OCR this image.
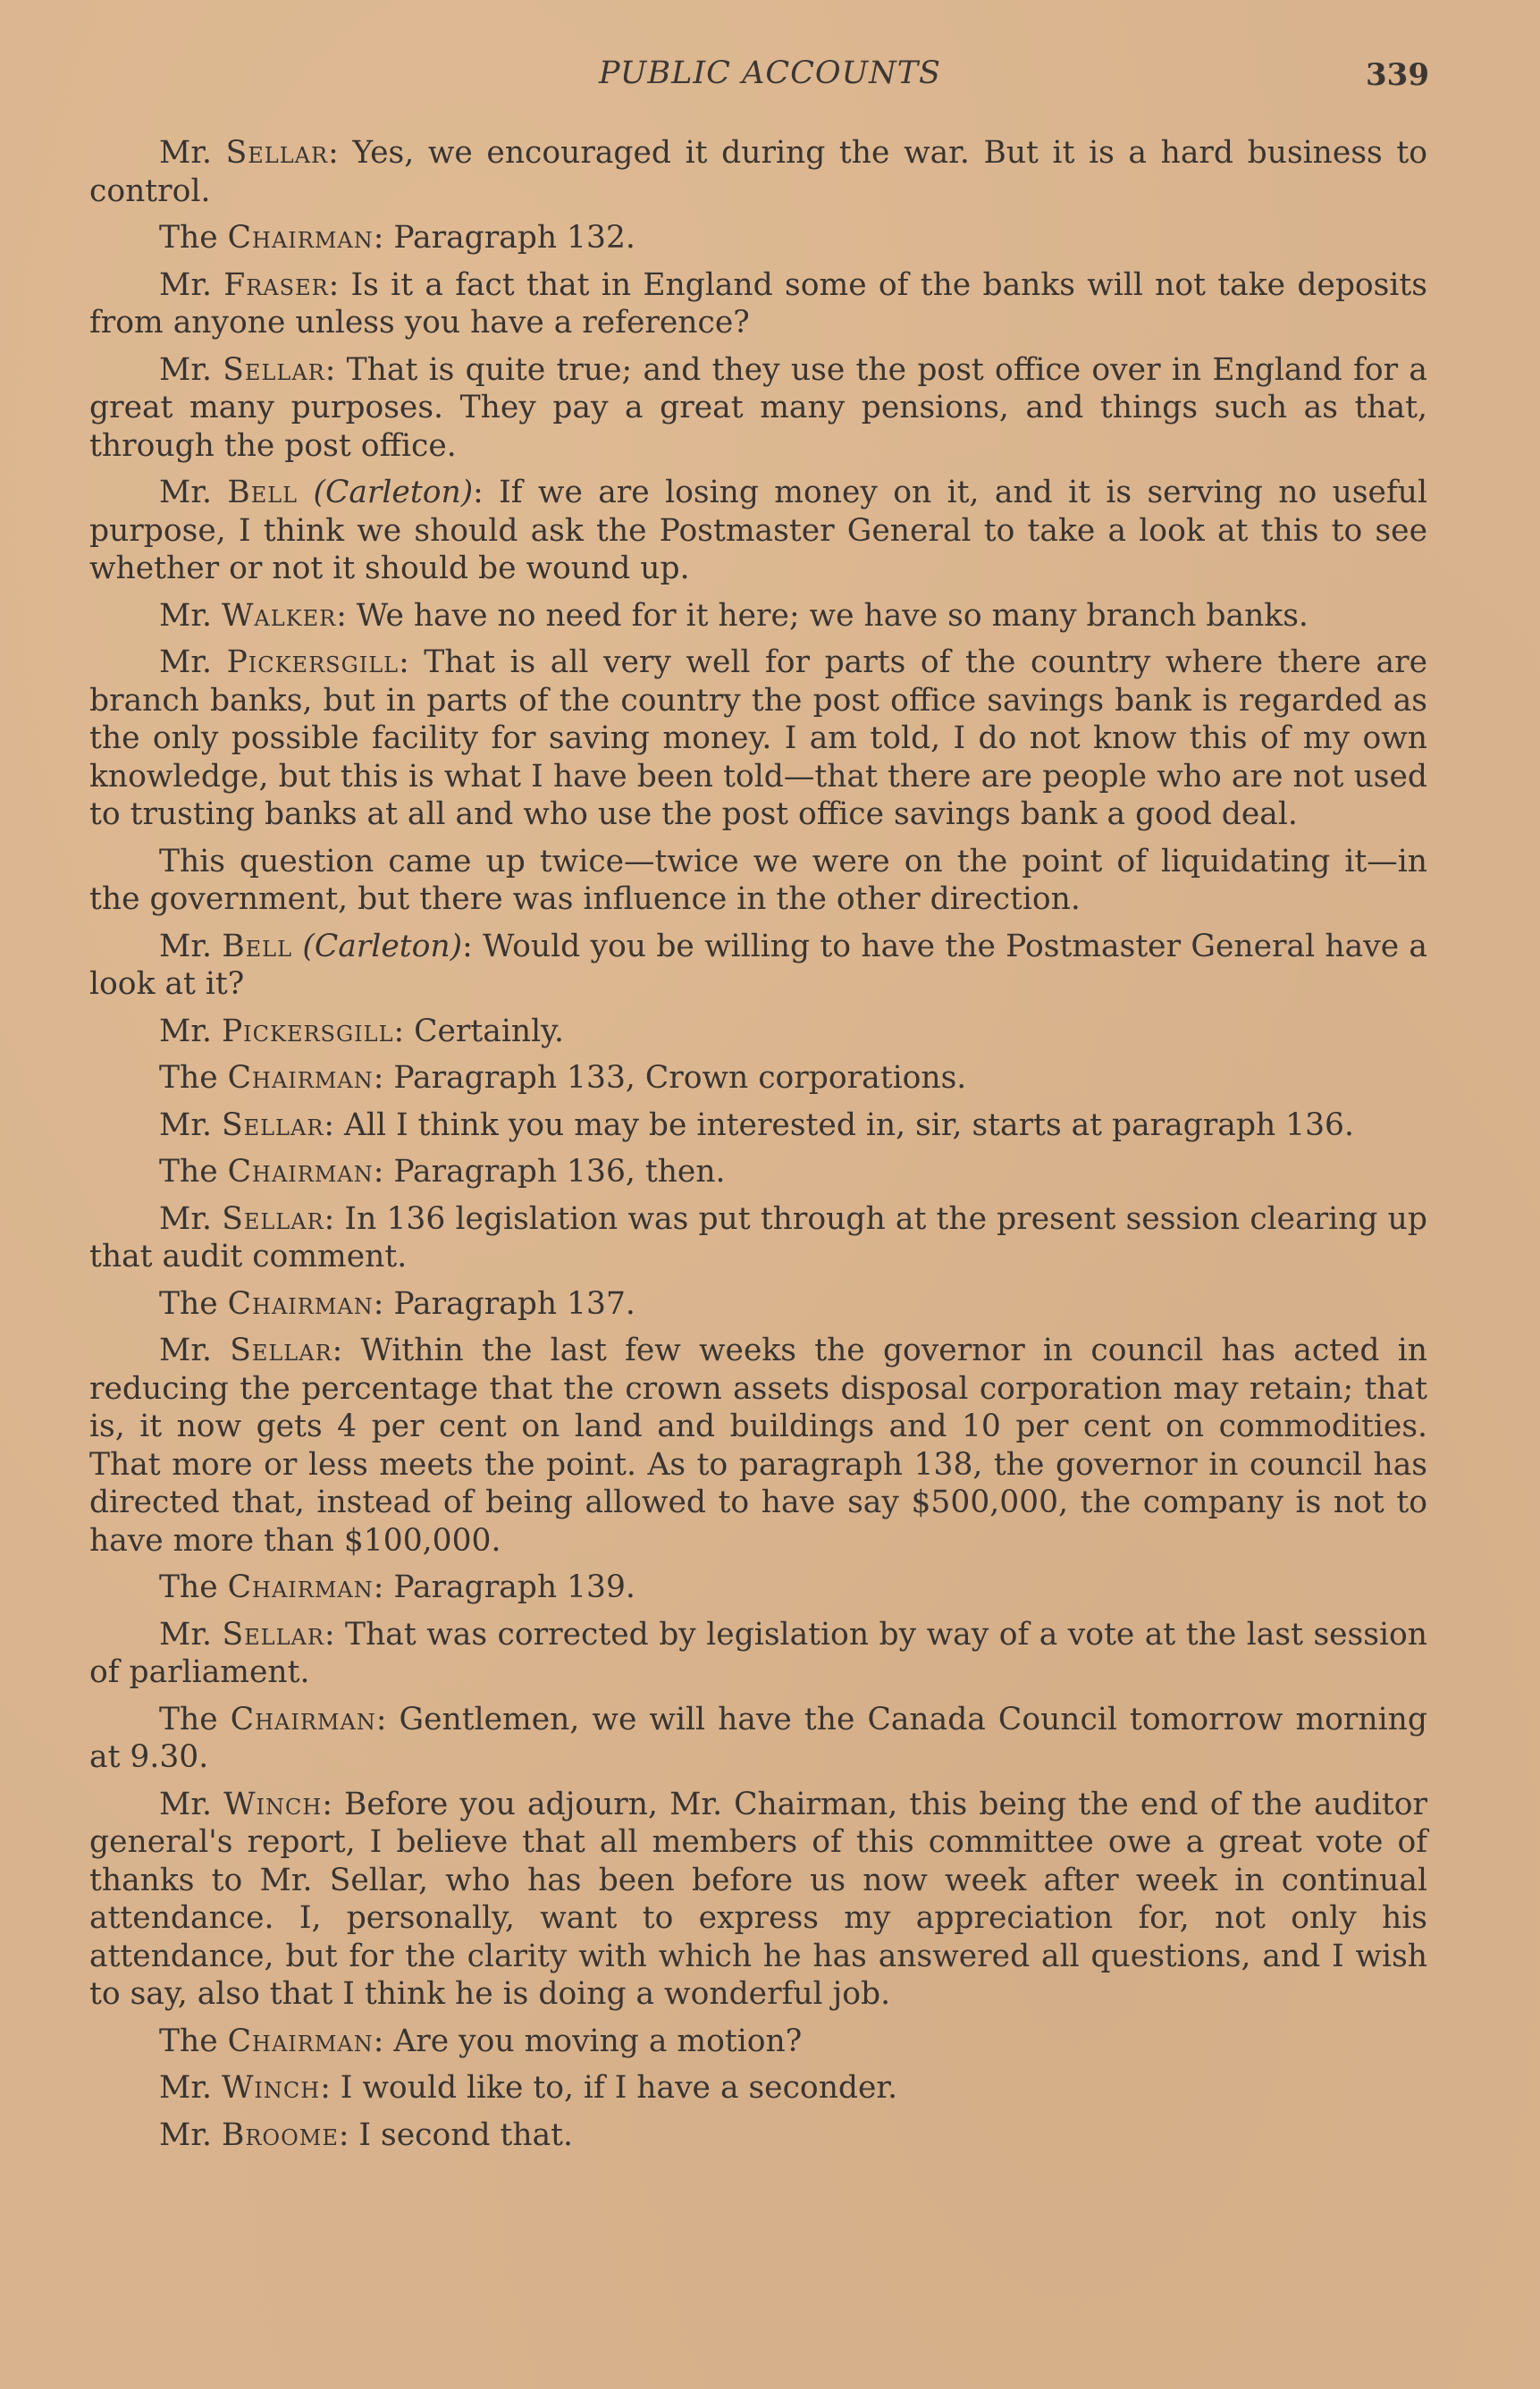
PUBLIC ACCOUNTS	339

Mr. Sellar: Yes, we encouraged it during the war. But it is a hard business to control.

The Chairman: Paragraph 132.

Mr. Fraser: Is it a fact that in England some of the banks will not take deposits from anyone unless you have a reference?

Mr. Sellar: That is quite true; and they use the post office over in England for a great many purposes. They pay a great many pensions, and things such as that, through the post office.

Mr. Bell (Carleton): If we are losing money on it, and it is serving no useful purpose, I think we should ask the Postmaster General to take a look at this to see whether or not it should be wound up.

Mr. Walker: We have no need for it here; we have so many branch banks.

Mr. Pickersgill: That is all very well for parts of the country where there are branch banks, but in parts of the country the post office savings bank is regarded as the only possible facility for saving money. I am told, I do not know this of my own knowledge, but this is what I have been told—that there are people who are not used to trusting banks at all and who use the post office savings bank a good deal.

This question came up twice—twice we were on the point of liquidating it—in the government, but there was influence in the other direction.

Mr. Bell (Carleton): Would you be willing to have the Postmaster General have a look at it?

Mr. Pickersgill: Certainly.

The Chairman: Paragraph 133, Crown corporations.

Mr. Sellar: All I think you may be interested in, sir, starts at paragraph 136.

The Chairman: Paragraph 136, then.

Mr. Sellar: In 136 legislation was put through at the present session clearing up that audit comment.

The Chairman: Paragraph 137.

Mr. Sellar: Within the last few weeks the governor in council has acted in reducing the percentage that the crown assets disposal corporation may retain; that is, it now gets 4 per cent on land and buildings and 10 per cent on commodities. That more or less meets the point. As to paragraph 138, the governor in council has directed that, instead of being allowed to have say $500,000, the company is not to have more than $100,000.

The Chairman: Paragraph 139.

Mr. Sellar: That was corrected by legislation by way of a vote at the last session of parliament.

The Chairman: Gentlemen, we will have the Canada Council tomorrow morning at 9.30.

Mr. Winch: Before you adjourn, Mr. Chairman, this being the end of the auditor general's report, I believe that all members of this committee owe a great vote of thanks to Mr. Sellar, who has been before us now week after week in continual attendance. I, personally, want to express my appreciation for, not only his attendance, but for the clarity with which he has answered all questions, and I wish to say, also that I think he is doing a wonderful job.

The Chairman: Are you moving a motion?

Mr. Winch: I would like to, if I have a seconder.

Mr. Broome: I second that.
